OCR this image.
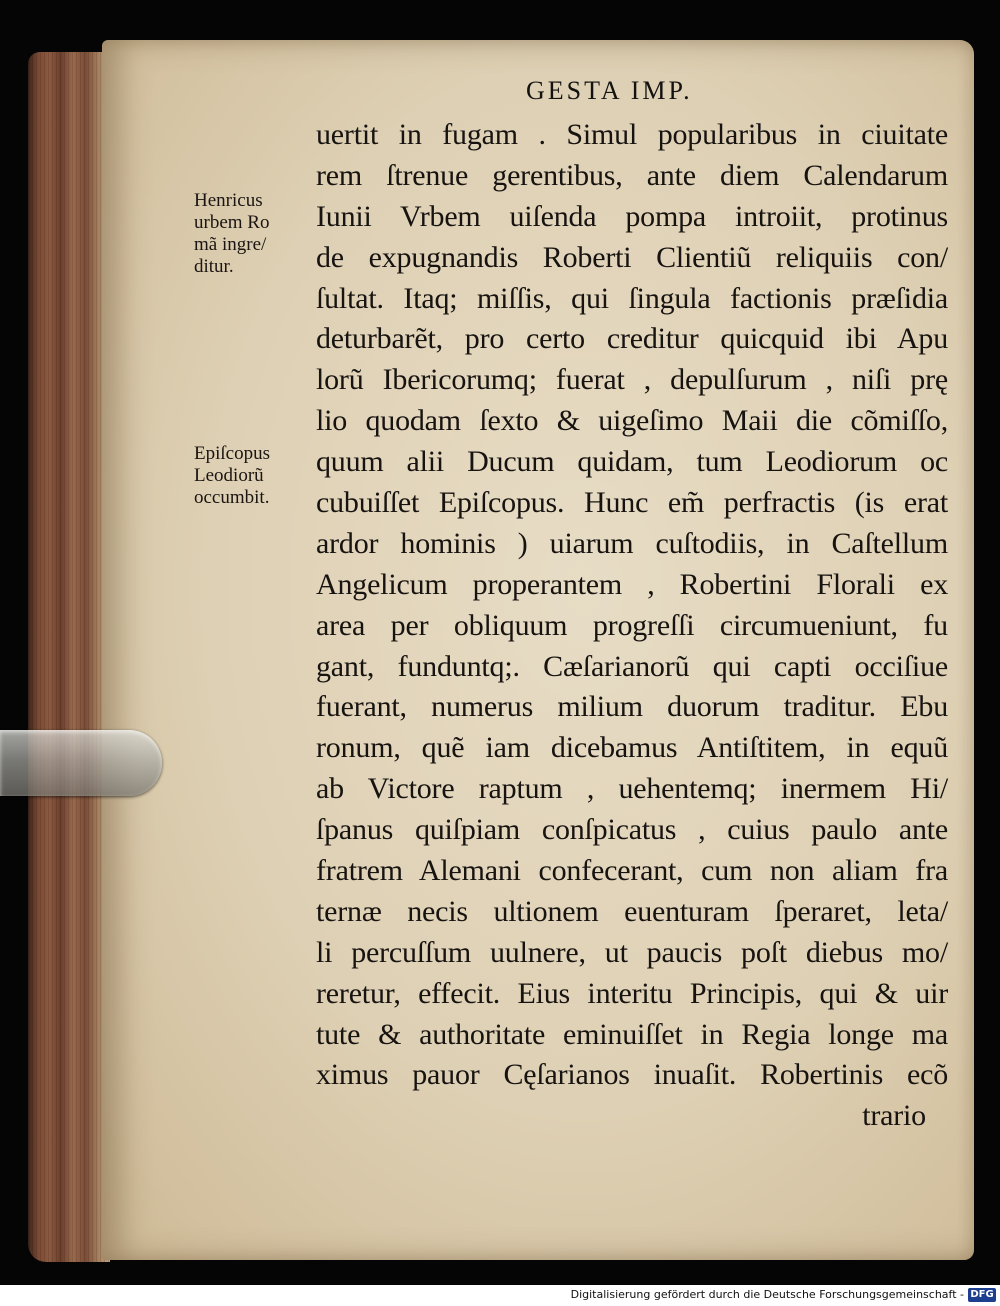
GESTA IMP.
Henricus
urbem Ro
mã ingre/
ditur.
Epiſcopus
Leodiorũ
occumbit.
uertit in fugam . Simul popularibus in ciuitate
rem ſtrenue gerentibus, ante diem Calendarum
Iunii Vrbem uiſenda pompa introiit, protinus
de expugnandis Roberti Clientiũ reliquiis con/
ſultat. Itaq; miſſis, qui ſingula factionis præſidia
deturbarẽt, pro certo creditur quicquid ibi Apu
lorũ Ibericorumq; fuerat , depulſurum , niſi prę
lio quodam ſexto & uigeſimo Maii die cõmiſſo,
quum alii Ducum quidam, tum Leodiorum oc
cubuiſſet Epiſcopus. Hunc em̃ perfractis (is erat
ardor hominis ) uiarum cuſtodiis, in Caſtellum
Angelicum properantem , Robertini Florali ex
area per obliquum progreſſi circumueniunt, fu
gant, funduntq;. Cæſarianorũ qui capti occiſiue
fuerant, numerus milium duorum traditur. Ebu
ronum, quẽ iam dicebamus Antiſtitem, in equũ
ab Victore raptum , uehentemq; inermem Hi/
ſpanus quiſpiam conſpicatus , cuius paulo ante
fratrem Alemani confecerant, cum non aliam fra
ternæ necis ultionem euenturam ſperaret, leta/
li percuſſum uulnere, ut paucis poſt diebus mo/
reretur, effecit. Eius interitu Principis, qui & uir
tute & authoritate eminuiſſet in Regia longe ma
ximus pauor Cęſarianos inuaſit. Robertinis ecõ
trario
Digitalisierung gefördert durch die Deutsche Forschungsgemeinschaft - DFG
